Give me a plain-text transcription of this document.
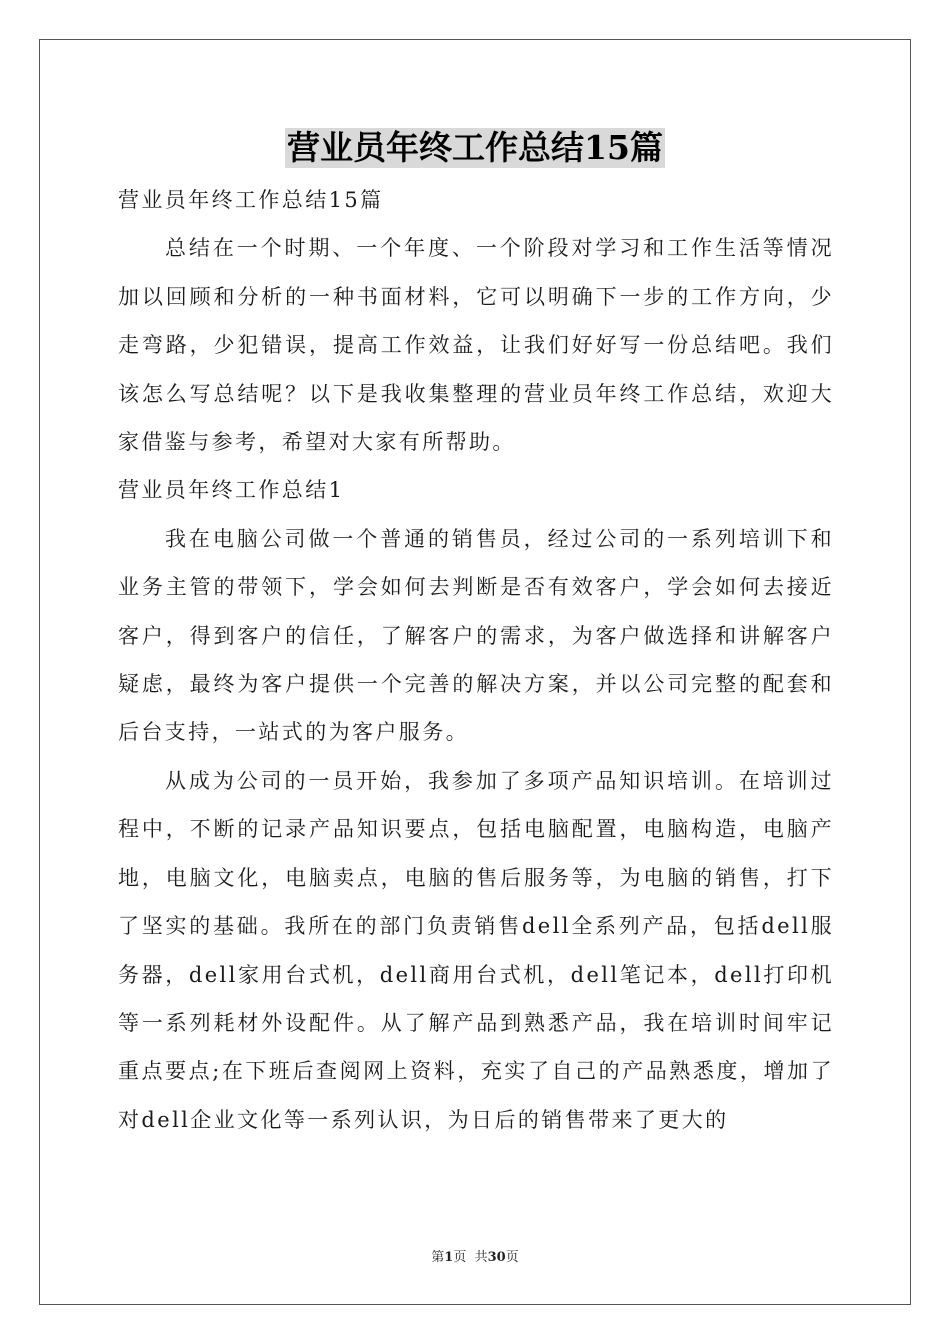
营业员年终工作总结15篇

营业员年终工作总结15篇

总结在一个时期、一个年度、一个阶段对学习和工作生活等情况加以回顾和分析的一种书面材料，它可以明确下一步的工作方向，少走弯路，少犯错误，提高工作效益，让我们好好写一份总结吧。我们该怎么写总结呢？以下是我收集整理的营业员年终工作总结，欢迎大家借鉴与参考，希望对大家有所帮助。

营业员年终工作总结1

我在电脑公司做一个普通的销售员，经过公司的一系列培训下和业务主管的带领下，学会如何去判断是否有效客户，学会如何去接近客户，得到客户的信任，了解客户的需求，为客户做选择和讲解客户疑虑，最终为客户提供一个完善的解决方案，并以公司完整的配套和后台支持，一站式的为客户服务。

从成为公司的一员开始，我参加了多项产品知识培训。在培训过程中，不断的记录产品知识要点，包括电脑配置，电脑构造，电脑产地，电脑文化，电脑卖点，电脑的售后服务等，为电脑的销售，打下了坚实的基础。我所在的部门负责销售dell全系列产品，包括dell服务器，dell家用台式机，dell商用台式机，dell笔记本，dell打印机等一系列耗材外设配件。从了解产品到熟悉产品，我在培训时间牢记重点要点;在下班后查阅网上资料，充实了自己的产品熟悉度，增加了对dell企业文化等一系列认识，为日后的销售带来了更大的

第1页  共30页
